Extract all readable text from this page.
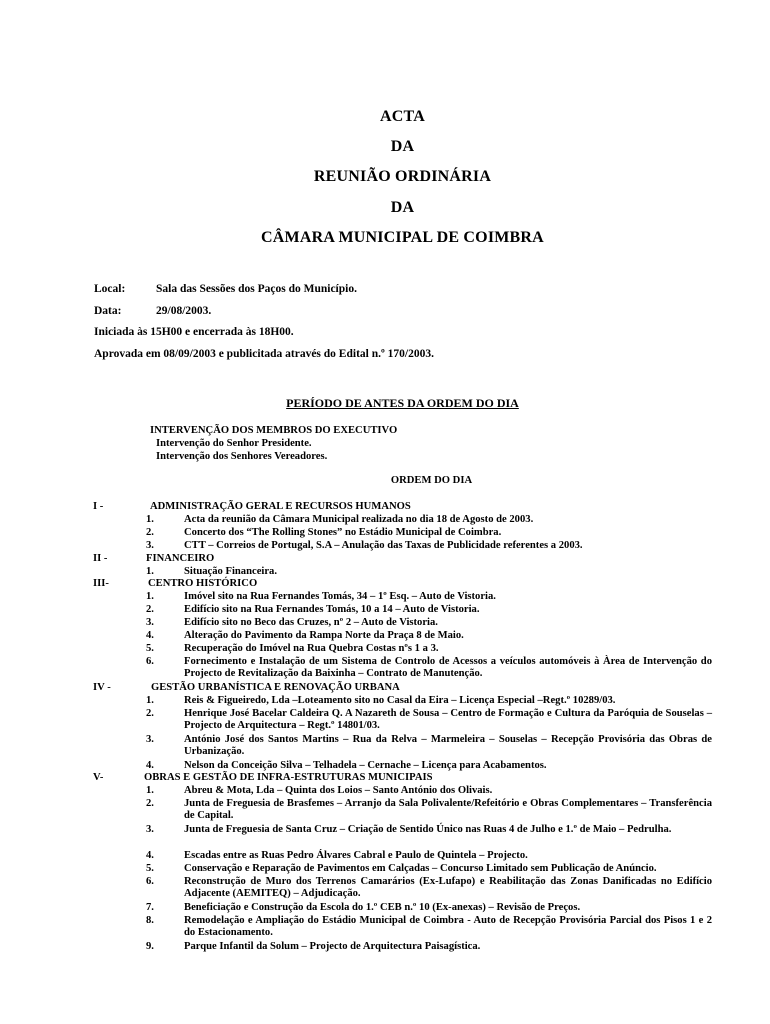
ACTA
DA
REUNIÃO ORDINÁRIA
DA
CÂMARA MUNICIPAL DE COIMBRA
Local:	Sala das Sessões dos Paços do Município.
Data:	29/08/2003.
Iniciada às 15H00 e encerrada às 18H00.
Aprovada em 08/09/2003 e publicitada através do Edital n.º 170/2003.
PERÍODO DE ANTES DA ORDEM DO DIA
INTERVENÇÃO DOS MEMBROS DO EXECUTIVO
Intervenção do Senhor Presidente.
Intervenção dos Senhores Vereadores.
ORDEM DO DIA
I -	ADMINISTRAÇÃO GERAL E RECURSOS HUMANOS
1.	Acta da reunião da Câmara Municipal realizada no dia 18 de Agosto de 2003.
2.	Concerto dos “The Rolling Stones” no Estádio Municipal de Coimbra.
3.	CTT – Correios de Portugal, S.A – Anulação das Taxas de Publicidade referentes a 2003.
II -	FINANCEIRO
1.	Situação Financeira.
III-	CENTRO HISTÓRICO
1.	Imóvel sito na Rua Fernandes Tomás, 34 – 1º Esq. – Auto de Vistoria.
2.	Edifício sito na Rua Fernandes Tomás, 10 a 14 – Auto de Vistoria.
3.	Edifício sito no Beco das Cruzes, nº 2 – Auto de Vistoria.
4.	Alteração do Pavimento da Rampa Norte da Praça 8 de Maio.
5.	Recuperação do Imóvel na Rua Quebra Costas nºs 1 a 3.
6.	Fornecimento e Instalação de um Sistema de Controlo de Acessos a veículos automóveis à Àrea de Intervenção do Projecto de Revitalização da Baixinha – Contrato de Manutenção.
IV -	GESTÃO URBANÍSTICA E RENOVAÇÃO URBANA
1.	Reis & Figueiredo, Lda –Loteamento sito no Casal da Eira – Licença Especial –Regt.º 10289/03.
2.	Henrique José Bacelar Caldeira Q. A Nazareth de Sousa – Centro de Formação e Cultura da Paróquia de Souselas – Projecto de Arquitectura – Regt.º 14801/03.
3.	António José dos Santos Martins – Rua da Relva – Marmeleira – Souselas – Recepção Provisória das Obras de Urbanização.
4.	Nelson da Conceição Silva – Telhadela – Cernache – Licença para Acabamentos.
V-	OBRAS E GESTÃO DE INFRA-ESTRUTURAS MUNICIPAIS
1.	Abreu & Mota, Lda – Quinta dos Loios – Santo António dos Olivais.
2.	Junta de Freguesia de Brasfemes – Arranjo da Sala Polivalente/Refeitório e Obras Complementares – Transferência de Capital.
3.	Junta de Freguesia de Santa Cruz – Criação de Sentido Único nas Ruas 4 de Julho e 1.º de Maio – Pedrulha.
4.	Escadas entre as Ruas Pedro Álvares Cabral e Paulo de Quintela – Projecto.
5.	Conservação e Reparação de Pavimentos em Calçadas – Concurso Limitado sem Publicação de Anúncio.
6.	Reconstrução de Muro dos Terrenos Camarários (Ex-Lufapo) e Reabilitação das Zonas Danificadas no Edifício Adjacente (AEMITEQ) – Adjudicação.
7.	Beneficiação e Construção da Escola do 1.º CEB n.º 10 (Ex-anexas) – Revisão de Preços.
8.	Remodelação e Ampliação do Estádio Municipal de Coimbra - Auto de Recepção Provisória Parcial dos Pisos 1 e 2 do Estacionamento.
9.	Parque Infantil da Solum – Projecto de Arquitectura Paisagística.
